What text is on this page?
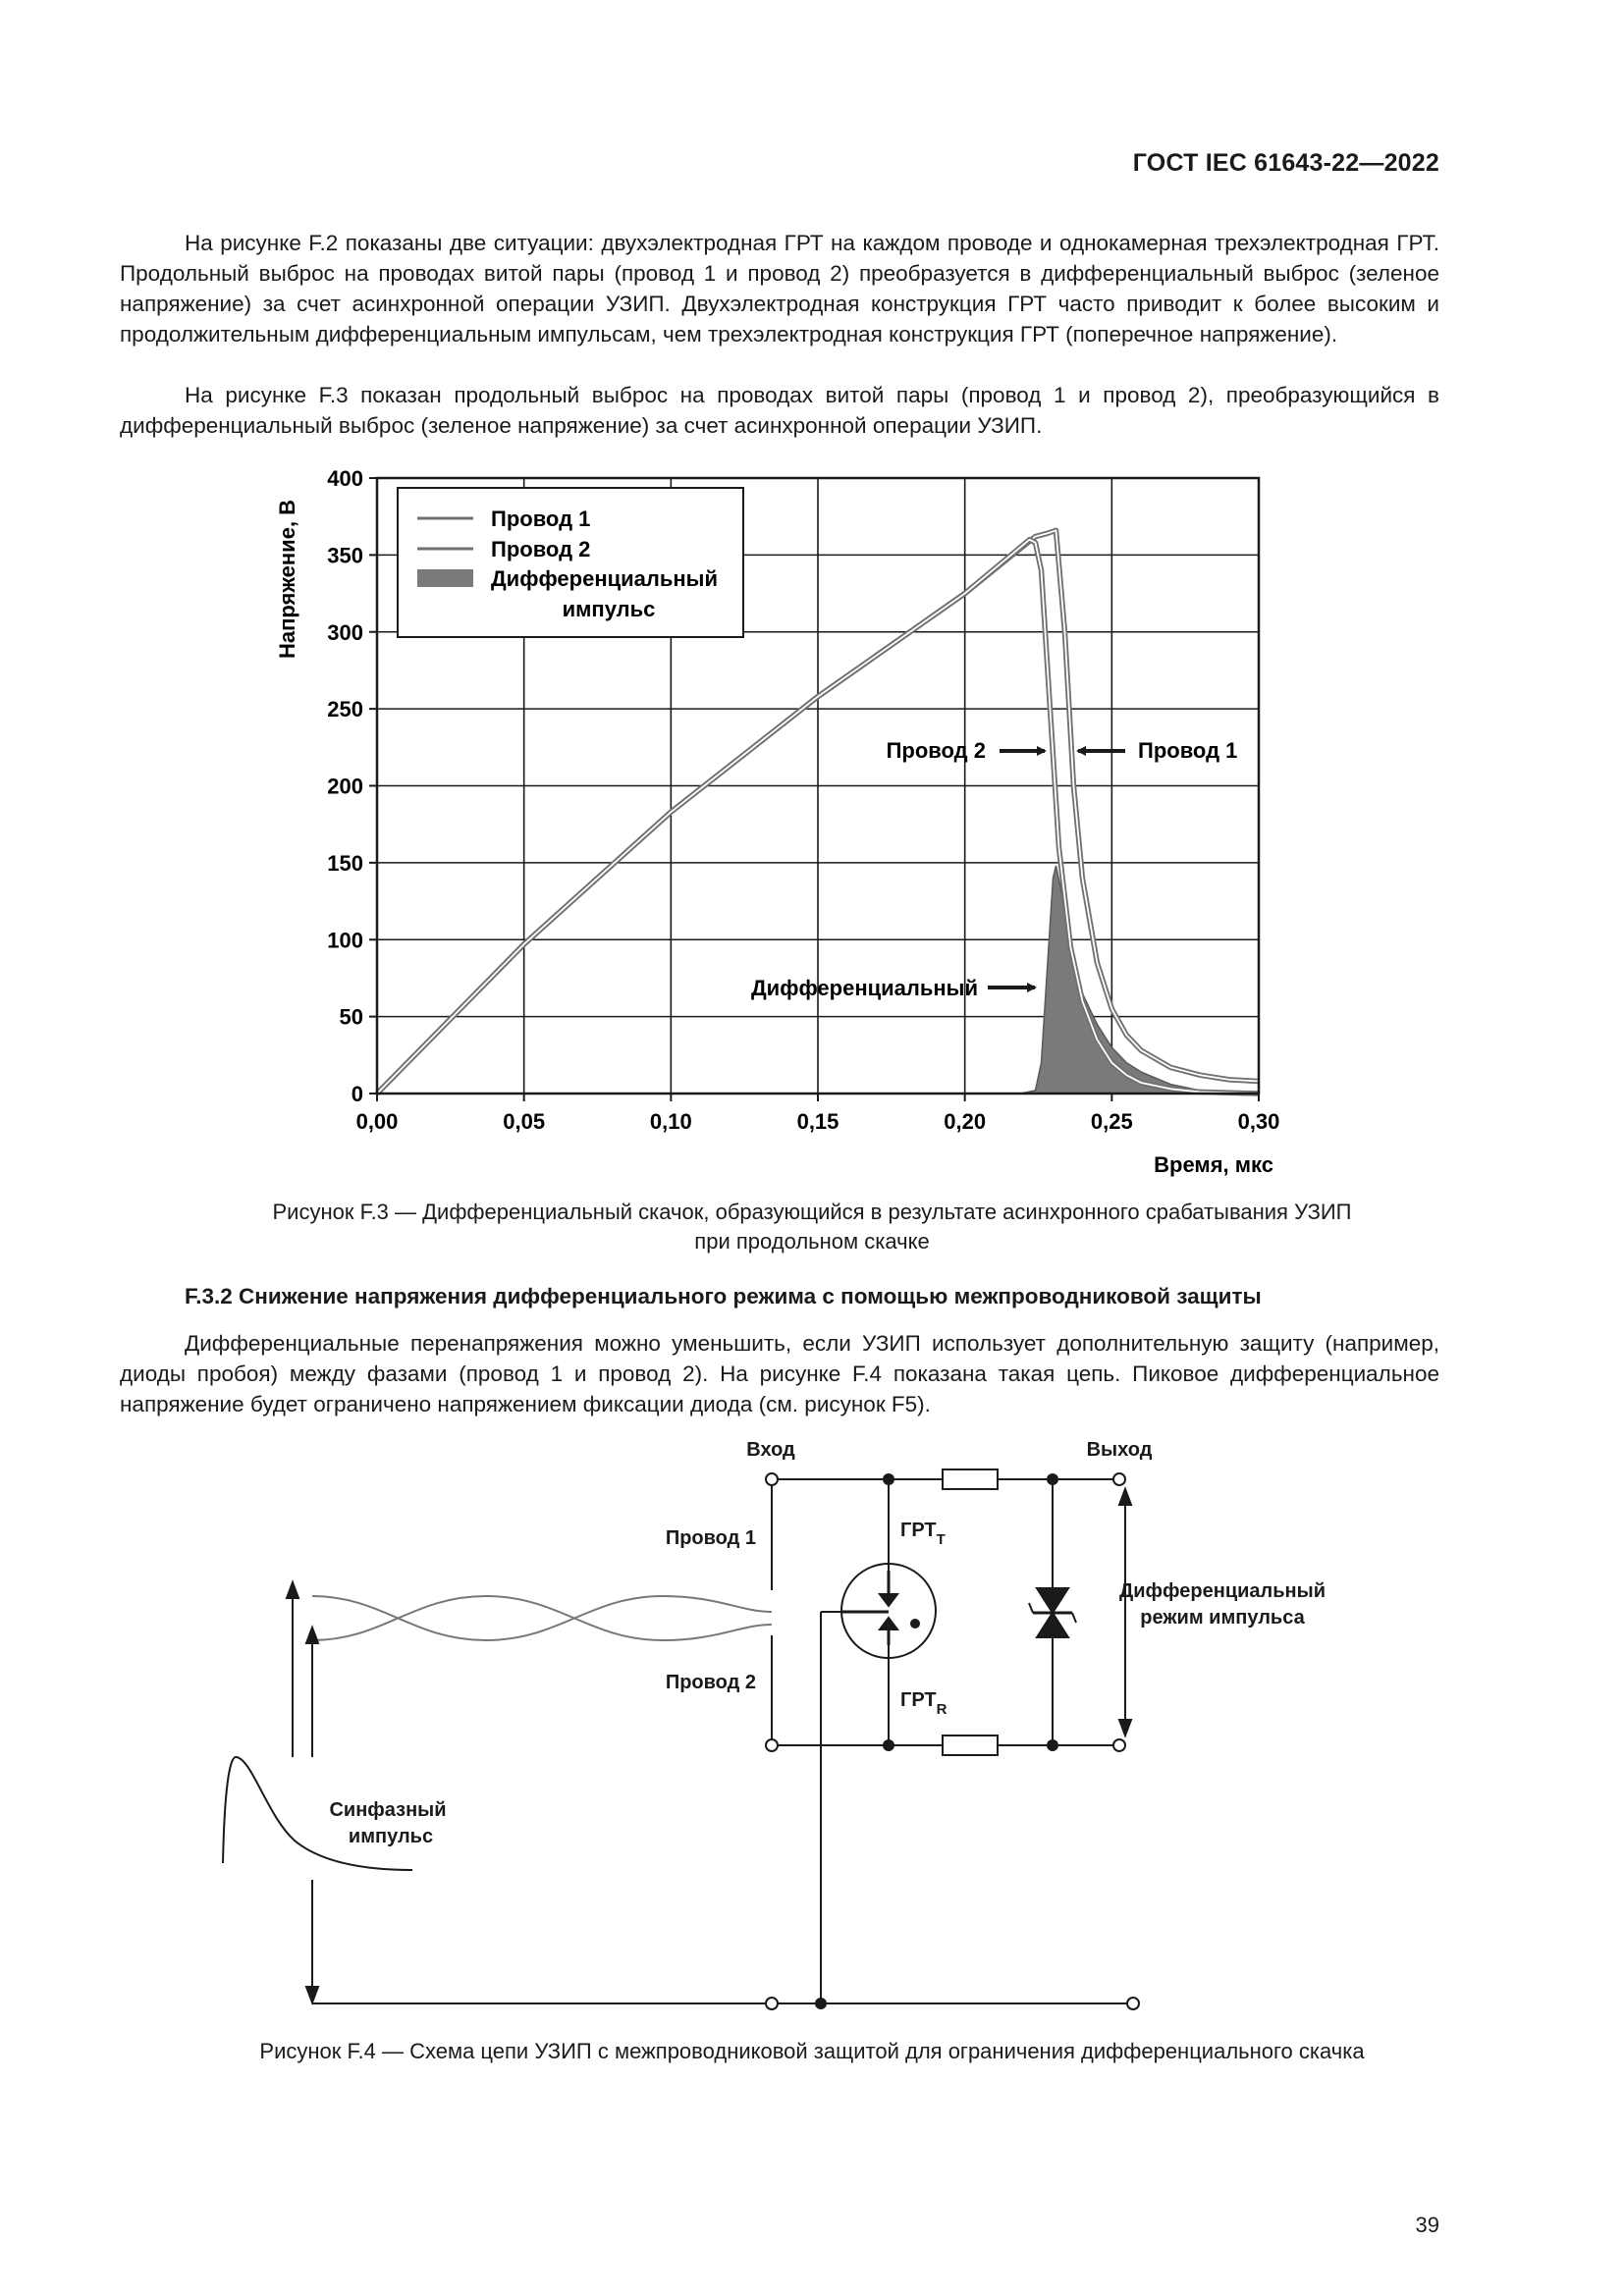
ГОСТ IEC 61643-22—2022
На рисунке F.2 показаны две ситуации: двухэлектродная ГРТ на каждом проводе и однокамерная трехэлектродная ГРТ. Продольный выброс на проводах витой пары (провод 1 и провод 2) преобразуется в дифференциальный выброс (зеленое напряжение) за счет асинхронной операции УЗИП. Двухэлектродная конструкция ГРТ часто приводит к более высоким и продолжительным дифференциальным импульсам, чем трехэлектродная конструкция ГРТ (поперечное напряжение).
На рисунке F.3 показан продольный выброс на проводах витой пары (провод 1 и провод 2), преобразующийся в дифференциальный выброс (зеленое напряжение) за счет асинхронной операции УЗИП.
0,00	0,05	0,10	0,15	0,20	0,25	0,30
0
50
100
150
200
250
300
350
400
Напряжение, В
Время, мкс
Провод 1
Провод 2
Дифференциальный
импульс
Провод 2	Провод 1
Дифференциальный
Вход	Выход
Провод 1
Провод 2
$ГРТ_T$
$ГРТ_R$
Дифференциальный
режим импульса
Синфазный
импульс
Рисунок F.3 — Дифференциальный скачок, образующийся в результате асинхронного срабатывания УЗИП
при продольном скачке
F.3.2 Снижение напряжения дифференциального режима с помощью межпроводниковой защиты
Дифференциальные перенапряжения можно уменьшить, если УЗИП использует дополнительную защиту (например, диоды пробоя) между фазами (провод 1 и провод 2). На рисунке F.4 показана такая цепь. Пиковое дифференциальное напряжение будет ограничено напряжением фиксации диода (см. рисунок F5).
Рисунок F.4 — Схема цепи УЗИП с межпроводниковой защитой для ограничения дифференциального скачка
39
